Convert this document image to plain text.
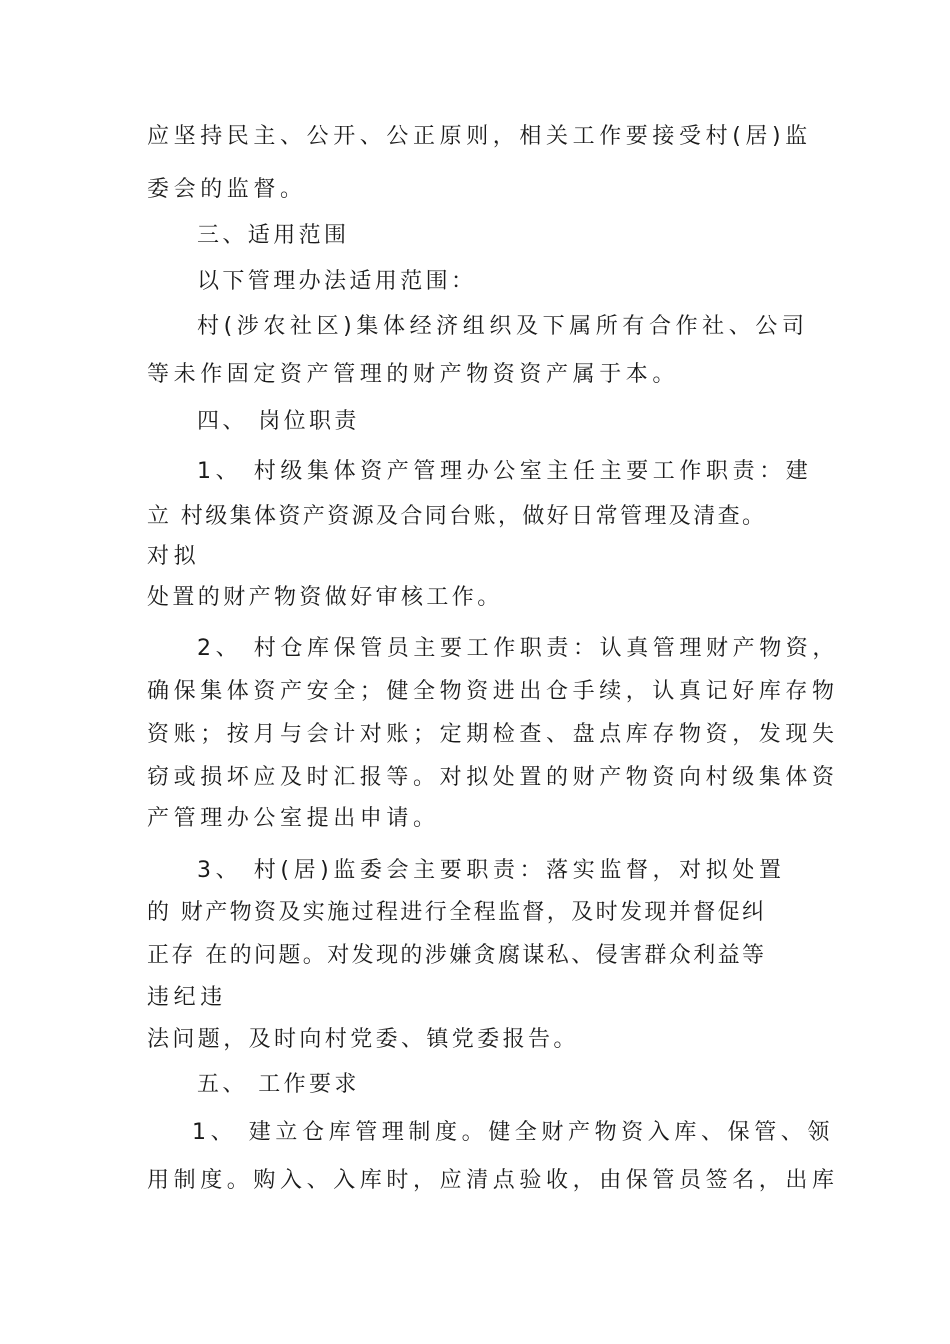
应坚持民主、公开、公正原则，相关工作要接受村(居)监
委会的监督。
三、适用范围
以下管理办法适用范围：
村(涉农社区)集体经济组织及下属所有合作社、公司
等未作固定资产管理的财产物资资产属于本。
四、 岗位职责
1、 村级集体资产管理办公室主任主要工作职责：建
立 村级集体资产资源及合同台账，做好日常管理及清查。
对拟
处置的财产物资做好审核工作。
2、 村仓库保管员主要工作职责：认真管理财产物资，
确保集体资产安全；健全物资进出仓手续，认真记好库存物
资账；按月与会计对账；定期检查、盘点库存物资，发现失
窃或损坏应及时汇报等。对拟处置的财产物资向村级集体资
产管理办公室提出申请。
3、 村(居)监委会主要职责：落实监督，对拟处置
的 财产物资及实施过程进行全程监督，及时发现并督促纠
正存 在的问题。对发现的涉嫌贪腐谋私、侵害群众利益等
违纪违
法问题，及时向村党委、镇党委报告。
五、 工作要求
1、 建立仓库管理制度。健全财产物资入库、保管、领
用制度。购入、入库时，应清点验收，由保管员签名，出库
